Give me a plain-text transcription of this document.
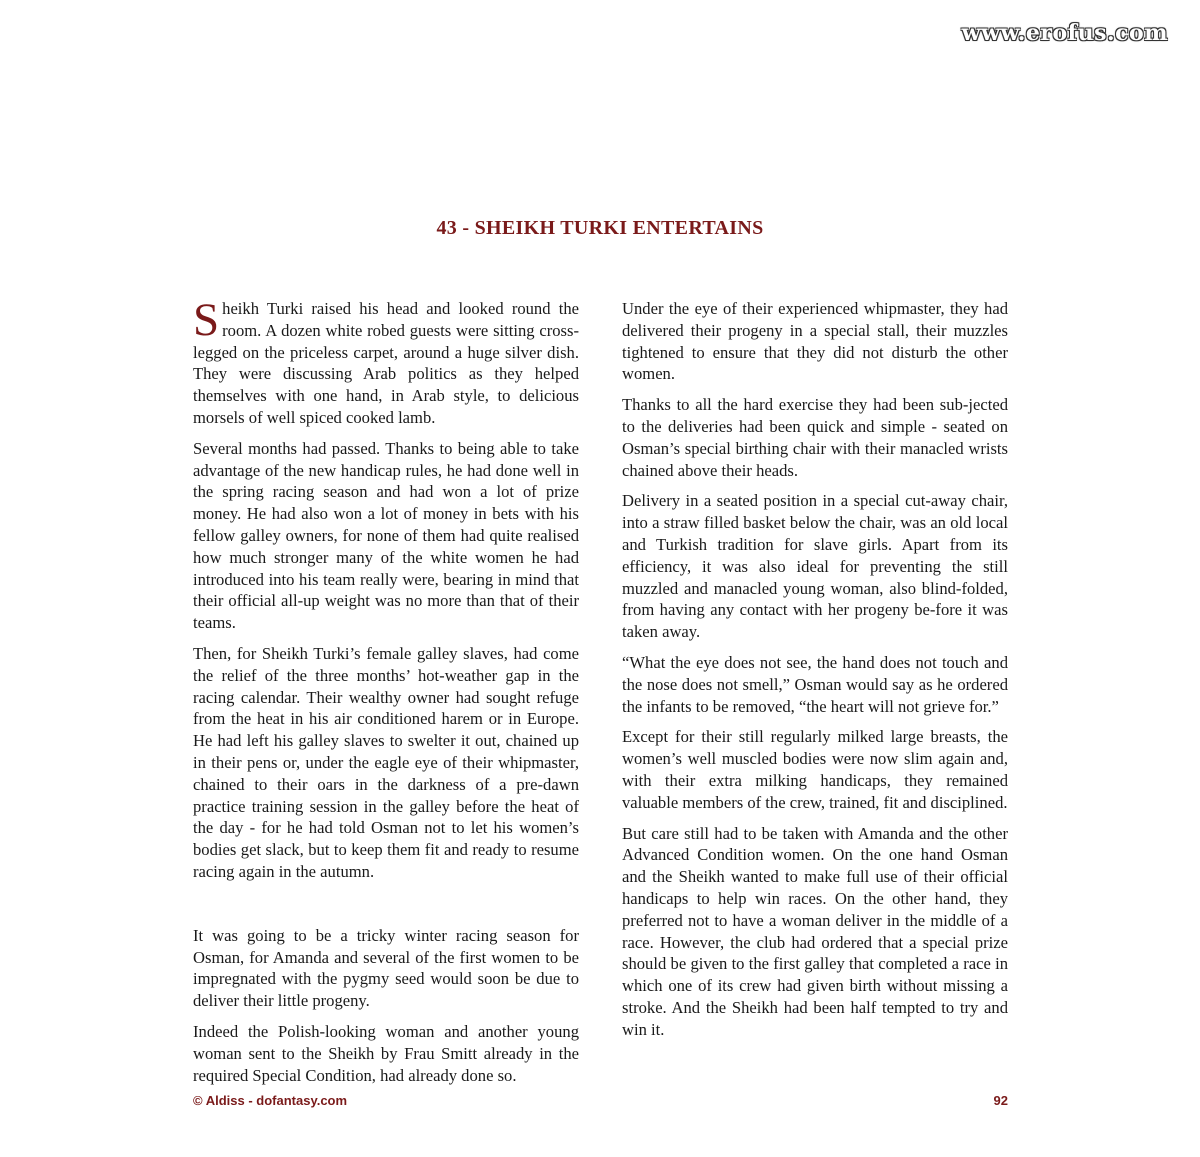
www.erofus.com
43 - SHEIKH TURKI ENTERTAINS

Sheikh Turki raised his head and looked round the room. A dozen white robed guests were sitting cross-legged on the priceless carpet, around a huge silver dish. They were discussing Arab politics as they helped themselves with one hand, in Arab style, to delicious morsels of well spiced cooked lamb.

Several months had passed. Thanks to being able to take advantage of the new handicap rules, he had done well in the spring racing season and had won a lot of prize money. He had also won a lot of money in bets with his fellow galley owners, for none of them had quite realised how much stronger many of the white women he had introduced into his team really were, bearing in mind that their official all-up weight was no more than that of their teams.

Then, for Sheikh Turki’s female galley slaves, had come the relief of the three months’ hot-weather gap in the racing calendar. Their wealthy owner had sought refuge from the heat in his air conditioned harem or in Europe. He had left his galley slaves to swelter it out, chained up in their pens or, under the eagle eye of their whipmaster, chained to their oars in the darkness of a pre-dawn practice training session in the galley before the heat of the day - for he had told Osman not to let his women’s bodies get slack, but to keep them fit and ready to resume racing again in the autumn.

It was going to be a tricky winter racing season for Osman, for Amanda and several of the first women to be impregnated with the pygmy seed would soon be due to deliver their little progeny.

Indeed the Polish-looking woman and another young woman sent to the Sheikh by Frau Smitt already in the required Special Condition, had already done so.

Under the eye of their experienced whipmaster, they had delivered their progeny in a special stall, their muzzles tightened to ensure that they did not disturb the other women.

Thanks to all the hard exercise they had been sub-jected to the deliveries had been quick and simple - seated on Osman’s special birthing chair with their manacled wrists chained above their heads.

Delivery in a seated position in a special cut-away chair, into a straw filled basket below the chair, was an old local and Turkish tradition for slave girls. Apart from its efficiency, it was also ideal for preventing the still muzzled and manacled young woman, also blind-folded, from having any contact with her progeny be-fore it was taken away.

“What the eye does not see, the hand does not touch and the nose does not smell,” Osman would say as he ordered the infants to be removed, “the heart will not grieve for.”

Except for their still regularly milked large breasts, the women’s well muscled bodies were now slim again and, with their extra milking handicaps, they remained valuable members of the crew, trained, fit and disciplined.

But care still had to be taken with Amanda and the other Advanced Condition women. On the one hand Osman and the Sheikh wanted to make full use of their official handicaps to help win races. On the other hand, they preferred not to have a woman deliver in the middle of a race. However, the club had ordered that a special prize should be given to the first galley that completed a race in which one of its crew had given birth without missing a stroke. And the Sheikh had been half tempted to try and win it.

© Aldiss - dofantasy.com	92
